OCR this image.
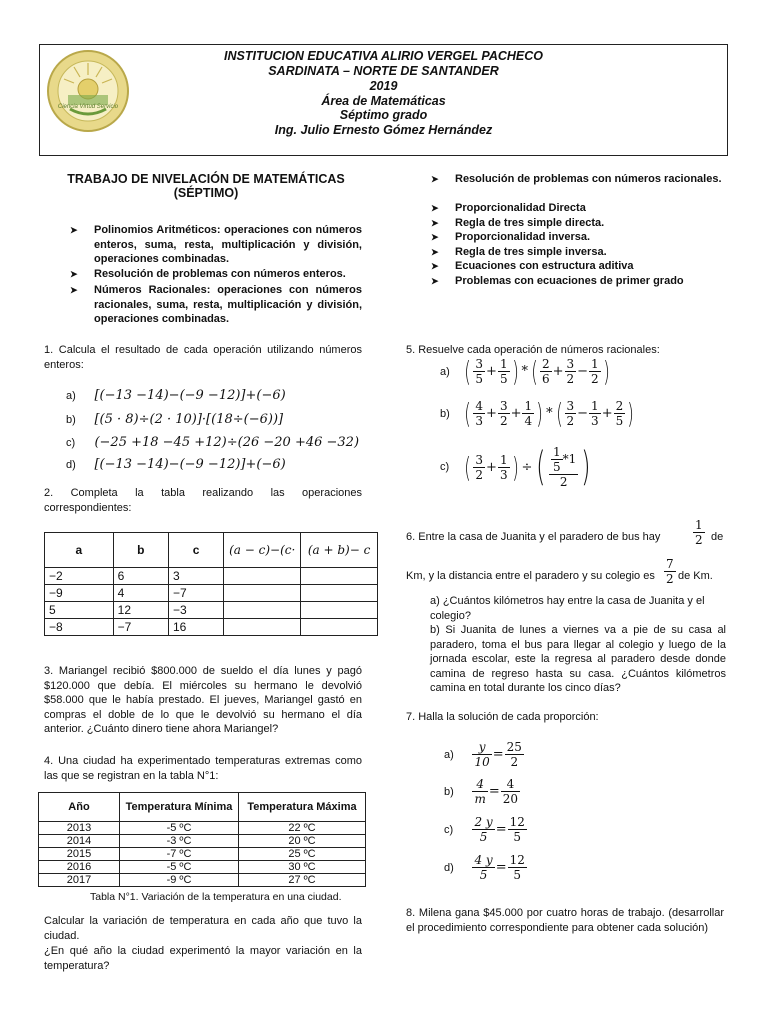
INSTITUCION EDUCATIVA ALIRIO VERGEL PACHECO
SARDINATA – NORTE DE SANTANDER
2019
Área de Matemáticas
Séptimo grado
Ing. Julio Ernesto Gómez Hernández
Ciencia Virtud Servicio
TRABAJO DE NIVELACIÓN DE MATEMÁTICAS (SÉPTIMO)
➤	Polinomios Aritméticos: operaciones con números enteros, suma, resta, multiplicación y división, operaciones combinadas.
➤	Resolución de problemas con números enteros.
➤	Números Racionales: operaciones con números racionales, suma, resta, multiplicación y división, operaciones combinadas.
➤	Resolución de problemas con números racionales.
➤	Proporcionalidad Directa
➤	Regla de tres simple directa.
➤	Proporcionalidad inversa.
➤	Regla de tres simple inversa.
➤	Ecuaciones con estructura aditiva
➤	Problemas con ecuaciones de primer grado
1. Calcula el resultado de cada operación utilizando números enteros:
a) [(−13 −14)−(−9 −12)]+(−6)
b) [(5 · 8)÷(2 · 10)]·[(18÷(−6))]
c) (−25 +18 −45 +12)÷(26 −20 +46 −32)
d) [(−13 −14)−(−9 −12)]+(−6)
2. Completa la tabla realizando las operaciones correspondientes:
a	b	c	(a − c)−(c·	(a + b)− c
−2	6	3		
−9	4	−7		
5	12	−3		
−8	−7	16		
3. Mariangel recibió $800.000 de sueldo el día lunes y pagó $120.000 que debía. El miércoles su hermano le devolvió $58.000 que le había prestado. El jueves, Mariangel gastó en compras el doble de lo que le devolvió su hermano el día anterior. ¿Cuánto dinero tiene ahora Mariangel?
4. Una ciudad ha experimentado temperaturas extremas como las que se registran en la tabla N°1:
Año	Temperatura Mínima	Temperatura Máxima
2013	-5 ºC	22 ºC
2014	-3 ºC	20 ºC
2015	-7 ºC	25 ºC
2016	-5 ºC	30 ºC
2017	-9 ºC	27 ºC
Tabla N°1. Variación de la temperatura en una ciudad.
Calcular la variación de temperatura en cada año que tuvo la ciudad.
¿En qué año la ciudad experimentó la mayor variación en la temperatura?
5. Resuelve cada operación de números racionales:
a) ( $\frac{3}{5} + \frac{1}{5}$ ) * ( $\frac{2}{6} + \frac{3}{2} - \frac{1}{2}$ )
b) ( $\frac{4}{3} + \frac{3}{2} + \frac{1}{4}$ ) * ( $\frac{3}{2} - \frac{1}{3} + \frac{2}{5}$ )
c) ( $\frac{3}{2} + \frac{1}{3}$ ) ÷ ( $\frac{\frac{1}{5} *1}{2}$ )
6. Entre la casa de Juanita y el paradero de bus hay	$\frac{1}{2}$ de
Km, y la distancia entre el paradero y su colegio es $\frac{7}{2}$ de Km.
a) ¿Cuántos kilómetros hay entre la casa de Juanita y el colegio?
b) Si Juanita de lunes a viernes va a pie de su casa al paradero, toma el bus para llegar al colegio y luego de la jornada escolar, este la regresa al paradero desde donde camina de regreso hasta su casa. ¿Cuántos kilómetros camina en total durante los cinco días?
7. Halla la solución de cada proporción:
$a) \frac{y}{10} = \frac{25}{2}$
$b) \frac{4}{m} = \frac{4}{20}$
$c) \frac{2 y}{5} = \frac{12}{5}$
$d) \frac{4 y}{5} = \frac{12}{5}$
8. Milena gana $45.000 por cuatro horas de trabajo. (desarrollar el procedimiento correspondiente para obtener cada solución)
